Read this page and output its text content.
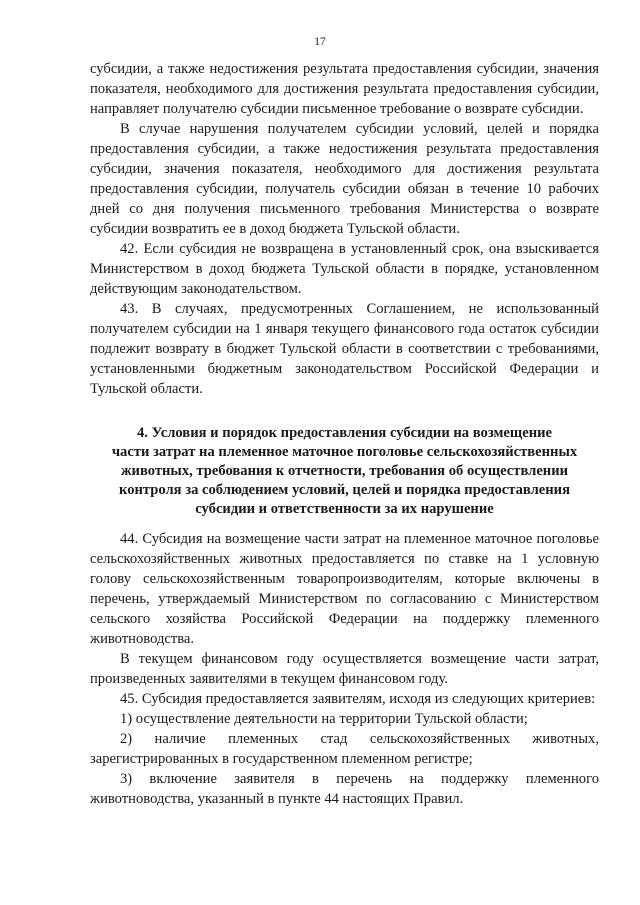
17

субсидии, а также недостижения результата предоставления субсидии, значения показателя, необходимого для достижения результата предоставления субсидии, направляет получателю субсидии письменное требование о возврате субсидии.

В случае нарушения получателем субсидии условий, целей и порядка предоставления субсидии, а также недостижения результата предоставления субсидии, значения показателя, необходимого для достижения результата предоставления субсидии, получатель субсидии обязан в течение 10 рабочих дней со дня получения письменного требования Министерства о возврате субсидии возвратить ее в доход бюджета Тульской области.

42. Если субсидия не возвращена в установленный срок, она взыскивается Министерством в доход бюджета Тульской области в порядке, установленном действующим законодательством.

43. В случаях, предусмотренных Соглашением, не использованный получателем субсидии на 1 января текущего финансового года остаток субсидии подлежит возврату в бюджет Тульской области в соответствии с требованиями, установленными бюджетным законодательством Российской Федерации и Тульской области.

4. Условия и порядок предоставления субсидии на возмещение
части затрат на племенное маточное поголовье сельскохозяйственных
животных, требования к отчетности, требования об осуществлении
контроля за соблюдением условий, целей и порядка предоставления
субсидии и ответственности за их нарушение

44. Субсидия на возмещение части затрат на племенное маточное поголовье сельскохозяйственных животных предоставляется по ставке на 1 условную голову сельскохозяйственным товаропроизводителям, которые включены в перечень, утверждаемый Министерством по согласованию с Министерством сельского хозяйства Российской Федерации на поддержку племенного животноводства.

В текущем финансовом году осуществляется возмещение части затрат, произведенных заявителями в текущем финансовом году.

45. Субсидия предоставляется заявителям, исходя из следующих критериев:

1) осуществление деятельности на территории Тульской области;

2) наличие племенных стад сельскохозяйственных животных, зарегистрированных в государственном племенном регистре;

3) включение заявителя в перечень на поддержку племенного животноводства, указанный в пункте 44 настоящих Правил.
